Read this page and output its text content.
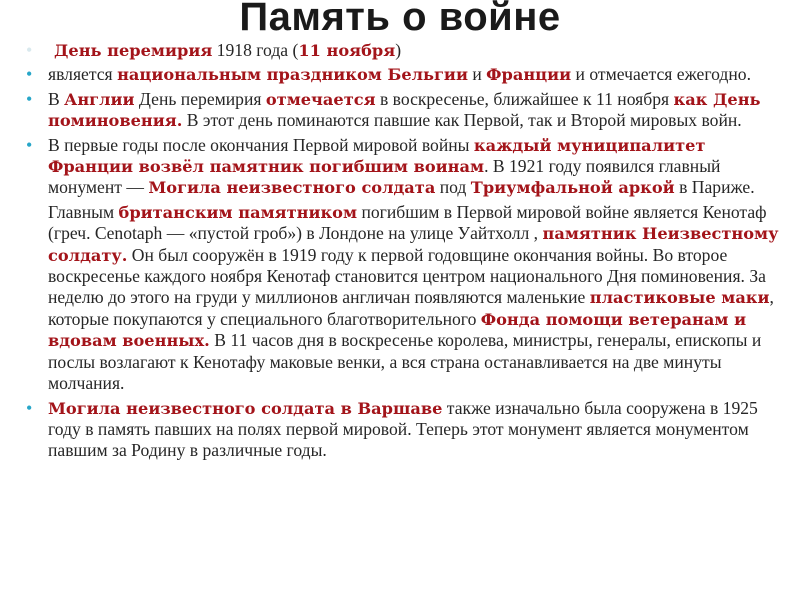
Память о войне
• День перемирия 1918 года (11 ноября)
• является национальным праздником Бельгии и Франции и отмечается ежегодно.
• В Англии День перемирия отмечается в воскресенье, ближайшее к 11 ноября как День поминовения. В этот день поминаются павшие как Первой, так и Второй мировых войн.
• В первые годы после окончания Первой мировой войны каждый муниципалитет Франции возвёл памятник погибшим воинам. В 1921 году появился главный монумент — Могила неизвестного солдата под Триумфальной аркой в Париже.
Главным британским памятником погибшим в Первой мировой войне является Кенотаф (греч. Cenotaph — «пустой гроб») в Лондоне на улице Уайтхолл , памятник Неизвестному солдату. Он был сооружён в 1919 году к первой годовщине окончания войны. Во второе воскресенье каждого ноября Кенотаф становится центром национального Дня поминовения. За неделю до этого на груди у миллионов англичан появляются маленькие пластиковые маки, которые покупаются у специального благотворительного Фонда помощи ветеранам и вдовам военных. В 11 часов дня в воскресенье королева, министры, генералы, епископы и послы возлагают к Кенотафу маковые венки, а вся страна останавливается на две минуты молчания.
• Могила неизвестного солдата в Варшаве также изначально была сооружена в 1925 году в память павших на полях первой мировой. Теперь этот монумент является монументом павшим за Родину в различные годы.
